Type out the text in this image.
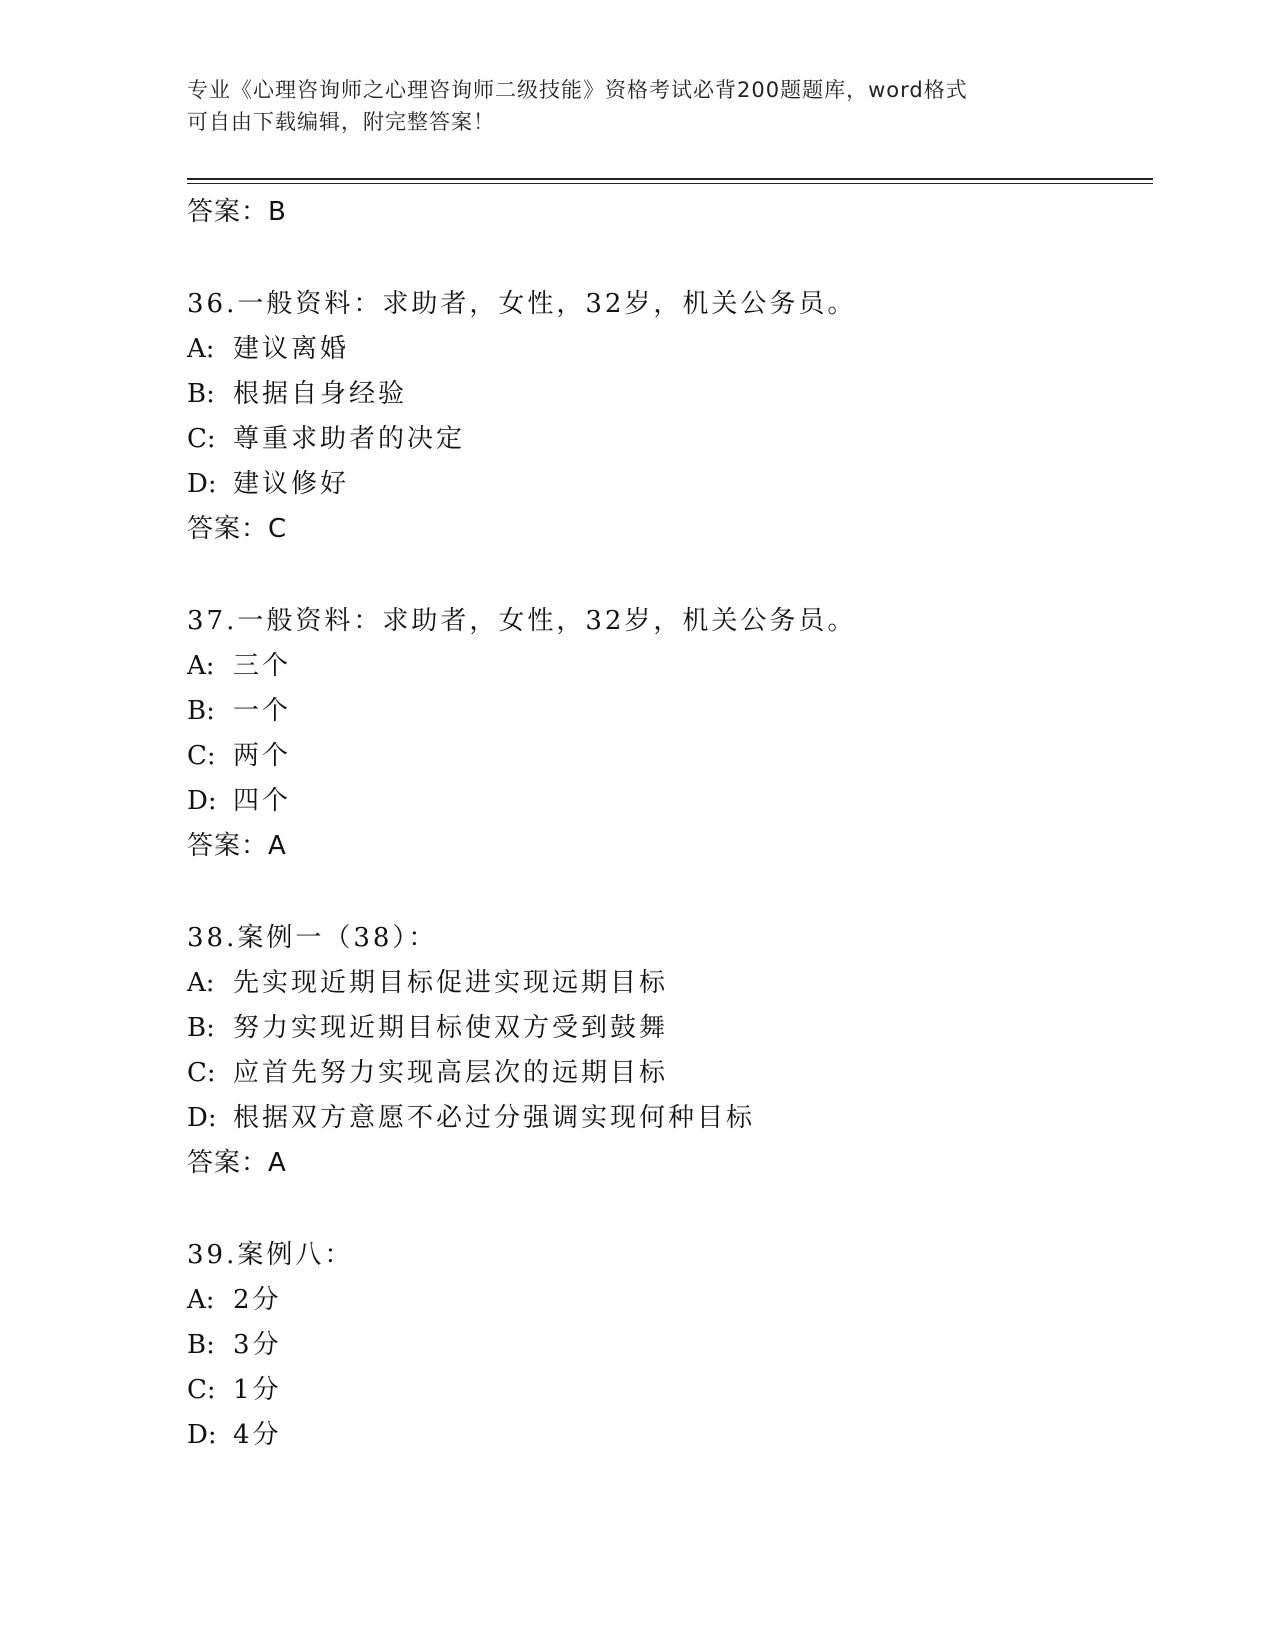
专业《心理咨询师之心理咨询师二级技能》资格考试必背200题题库，word格式
可自由下载编辑，附完整答案！
答案：B
36.一般资料：求助者，女性，32岁，机关公务员。
A: 建议离婚
B: 根据自身经验
C: 尊重求助者的决定
D: 建议修好
答案：C
37.一般资料：求助者，女性，32岁，机关公务员。
A: 三个
B: 一个
C: 两个
D: 四个
答案：A
38.案例一（38）：
A: 先实现近期目标促进实现远期目标
B: 努力实现近期目标使双方受到鼓舞
C: 应首先努力实现高层次的远期目标
D: 根据双方意愿不必过分强调实现何种目标
答案：A
39.案例八：
A: 2分
B: 3分
C: 1分
D: 4分
